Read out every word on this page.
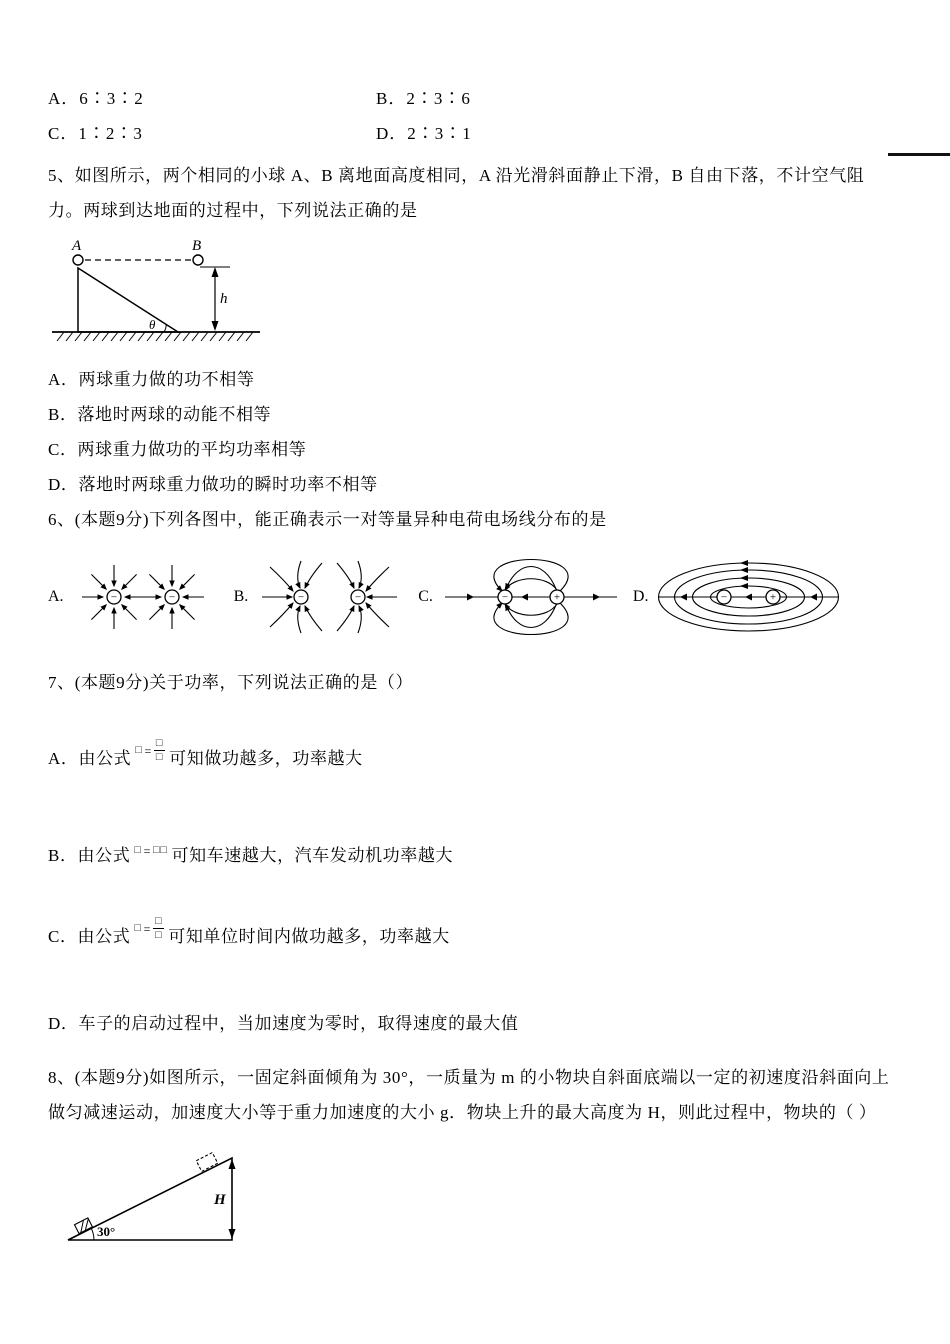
A．6∶3∶2	B．2∶3∶6
C．1∶2∶3	D．2∶3∶1

5、如图所示，两个相同的小球 A、B 离地面高度相同，A 沿光滑斜面静止下滑，B 自由下落，不计空气阻力。两球到达地面的过程中，下列说法正确的是

θ
A	B
h
A．两球重力做的功不相等
B．落地时两球的动能不相等
C．两球重力做功的平均功率相等
D．落地时两球重力做功的瞬时功率不相等

6、(本题9分)下列各图中，能正确表示一对等量异种电荷电场线分布的是

A.	−	−	B.	−	−	C.	−	+	D.	−	+

7、(本题9分)关于功率，下列说法正确的是（）

A．由公式 □ = $\frac{□}{□}$ 可知做功越多，功率越大
B．由公式 □ = □ □ 可知车速越大，汽车发动机功率越大
C．由公式 □ = $\frac{□}{□}$ 可知单位时间内做功越多，功率越大
D．车子的启动过程中，当加速度为零时，取得速度的最大值

8、(本题9分)如图所示，一固定斜面倾角为 30°，一质量为 m 的小物块自斜面底端以一定的初速度沿斜面向上做匀减速运动，加速度大小等于重力加速度的大小 g．物块上升的最大高度为 H，则此过程中，物块的（ ）

30°
H
